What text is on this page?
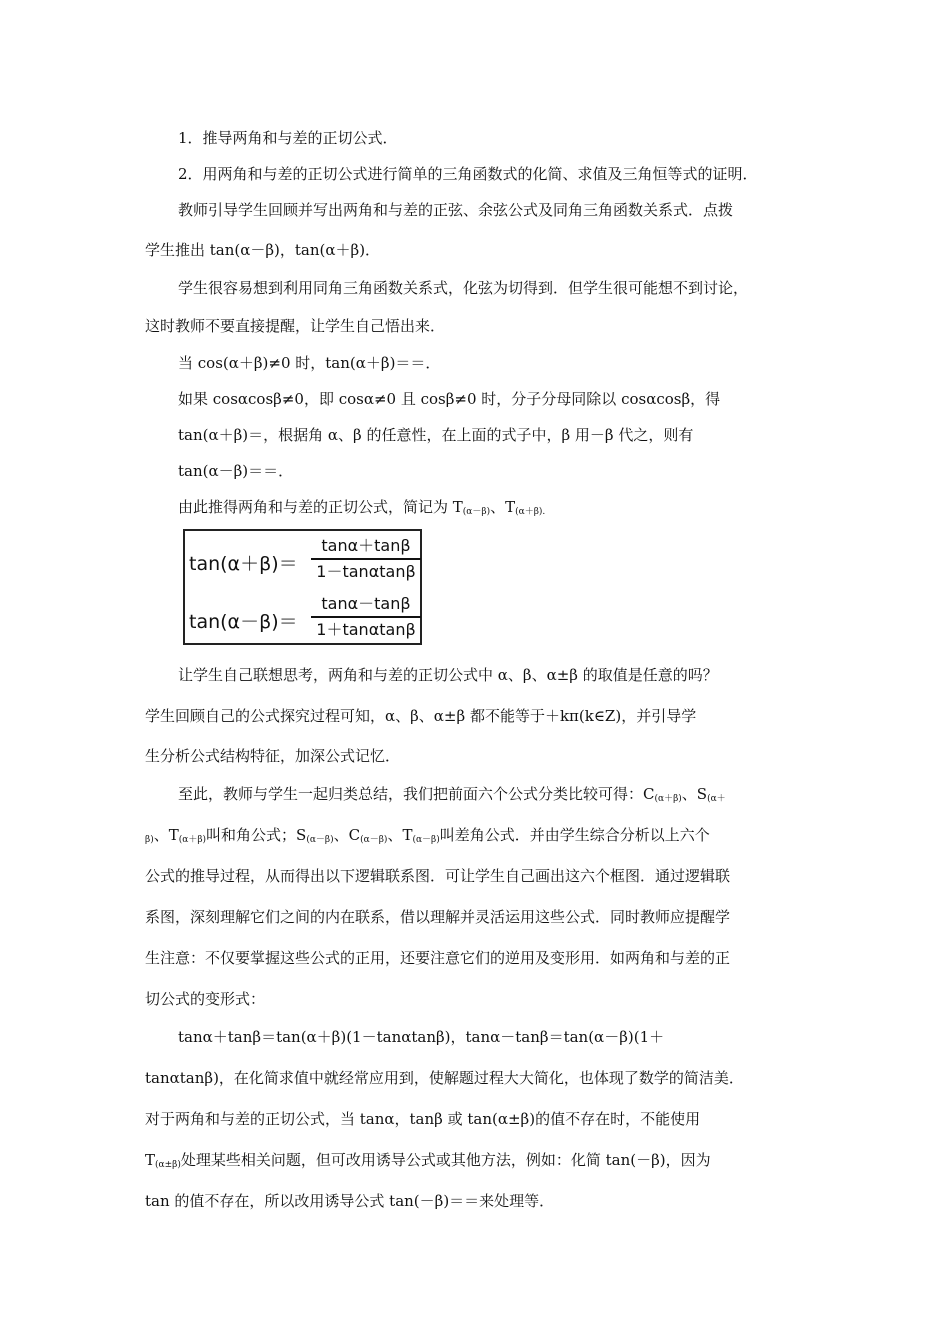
1．推导两角和与差的正切公式．
2．用两角和与差的正切公式进行简单的三角函数式的化简、求值及三角恒等式的证明．
教师引导学生回顾并写出两角和与差的正弦、余弦公式及同角三角函数关系式．点拨
学生推出 tan(α－β)，tan(α＋β)．
学生很容易想到利用同角三角函数关系式，化弦为切得到．但学生很可能想不到讨论，
这时教师不要直接提醒，让学生自己悟出来．
当 cos(α＋β)≠0 时，tan(α＋β)＝＝．
如果 cosαcosβ≠0，即 cosα≠0 且 cosβ≠0 时，分子分母同除以 cosαcosβ，得
tan(α＋β)＝，根据角 α、β 的任意性，在上面的式子中，β 用－β 代之，则有
tan(α－β)＝＝．
由此推得两角和与差的正切公式，简记为 $T_{(\alpha-\beta)}$、$T_{(\alpha+\beta).}$
tan(α＋β)＝
tanα＋tanβ
1－tanαtanβ
tan(α－β)＝
tanα－tanβ
1＋tanαtanβ
让学生自己联想思考，两角和与差的正切公式中 α、β、α±β 的取值是任意的吗？
学生回顾自己的公式探究过程可知，α、β、α±β 都不能等于＋kπ(k∈Z)，并引导学
生分析公式结构特征，加深公式记忆．
至此，教师与学生一起归类总结，我们把前面六个公式分类比较可得：$C_{(\alpha+\beta)}$、$S_{(\alpha+}$
$_{\beta)}$、$T_{(\alpha+\beta)}$叫和角公式；$S_{(\alpha-\beta)}$、$C_{(\alpha-\beta)}$、$T_{(\alpha-\beta)}$叫差角公式．并由学生综合分析以上六个
公式的推导过程，从而得出以下逻辑联系图．可让学生自己画出这六个框图．通过逻辑联
系图，深刻理解它们之间的内在联系，借以理解并灵活运用这些公式．同时教师应提醒学
生注意：不仅要掌握这些公式的正用，还要注意它们的逆用及变形用．如两角和与差的正
切公式的变形式：
tanα＋tanβ＝tan(α＋β)(1－tanαtanβ)，tanα－tanβ＝tan(α－β)(1＋
tanαtanβ)，在化简求值中就经常应用到，使解题过程大大简化，也体现了数学的简洁美．
对于两角和与差的正切公式，当 tanα，tanβ 或 tan(α±β)的值不存在时，不能使用
$T_{(\alpha\pm\beta)}$处理某些相关问题，但可改用诱导公式或其他方法，例如：化简 tan(－β)，因为
tan 的值不存在，所以改用诱导公式 tan(－β)＝＝来处理等．
